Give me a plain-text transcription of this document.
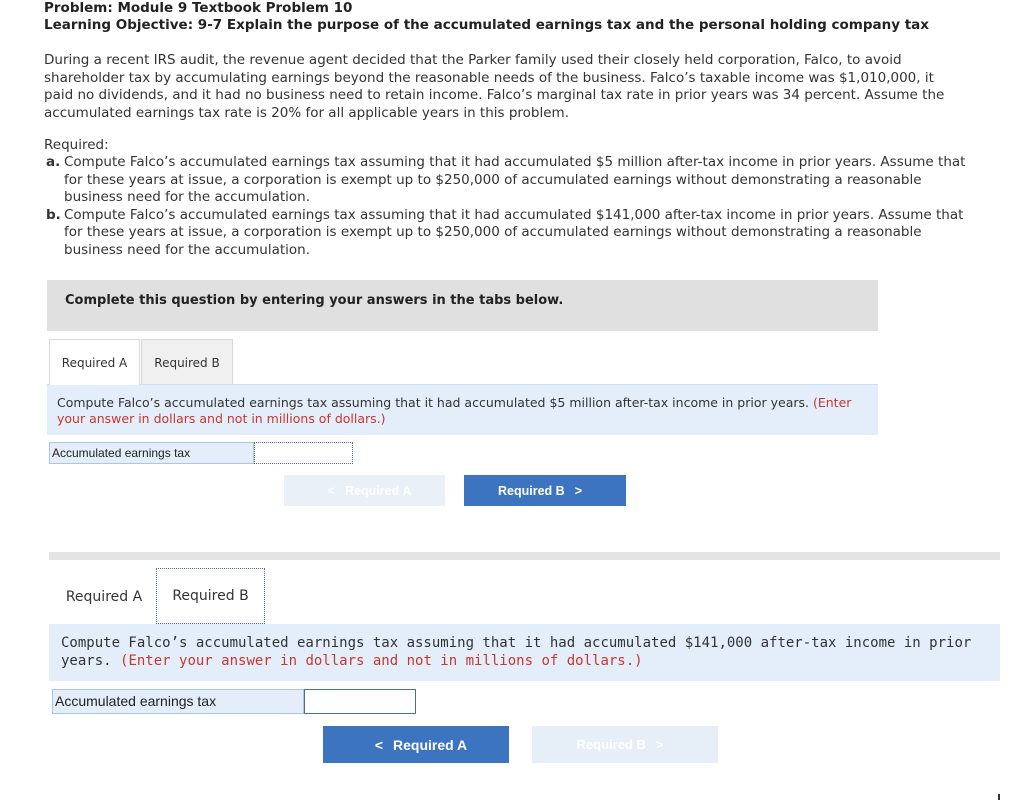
Problem: Module 9 Textbook Problem 10
Learning Objective: 9-7 Explain the purpose of the accumulated earnings tax and the personal holding company tax
During a recent IRS audit, the revenue agent decided that the Parker family used their closely held corporation, Falco, to avoid shareholder tax by accumulating earnings beyond the reasonable needs of the business. Falco’s taxable income was $1,010,000, it paid no dividends, and it had no business need to retain income. Falco’s marginal tax rate in prior years was 34 percent. Assume the accumulated earnings tax rate is 20% for all applicable years in this problem.
Required:
a. Compute Falco’s accumulated earnings tax assuming that it had accumulated $5 million after-tax income in prior years. Assume that for these years at issue, a corporation is exempt up to $250,000 of accumulated earnings without demonstrating a reasonable business need for the accumulation.
b. Compute Falco’s accumulated earnings tax assuming that it had accumulated $141,000 after-tax income in prior years. Assume that for these years at issue, a corporation is exempt up to $250,000 of accumulated earnings without demonstrating a reasonable business need for the accumulation.
Complete this question by entering your answers in the tabs below.
Required A Required B
Compute Falco’s accumulated earnings tax assuming that it had accumulated $5 million after-tax income in prior years. (Enter your answer in dollars and not in millions of dollars.)
Accumulated earnings tax
< Required A	Required B >
Required A Required B
Compute Falco’s accumulated earnings tax assuming that it had accumulated $141,000 after-tax income in prior years. (Enter your answer in dollars and not in millions of dollars.)
Accumulated earnings tax
< Required A	Required B >
